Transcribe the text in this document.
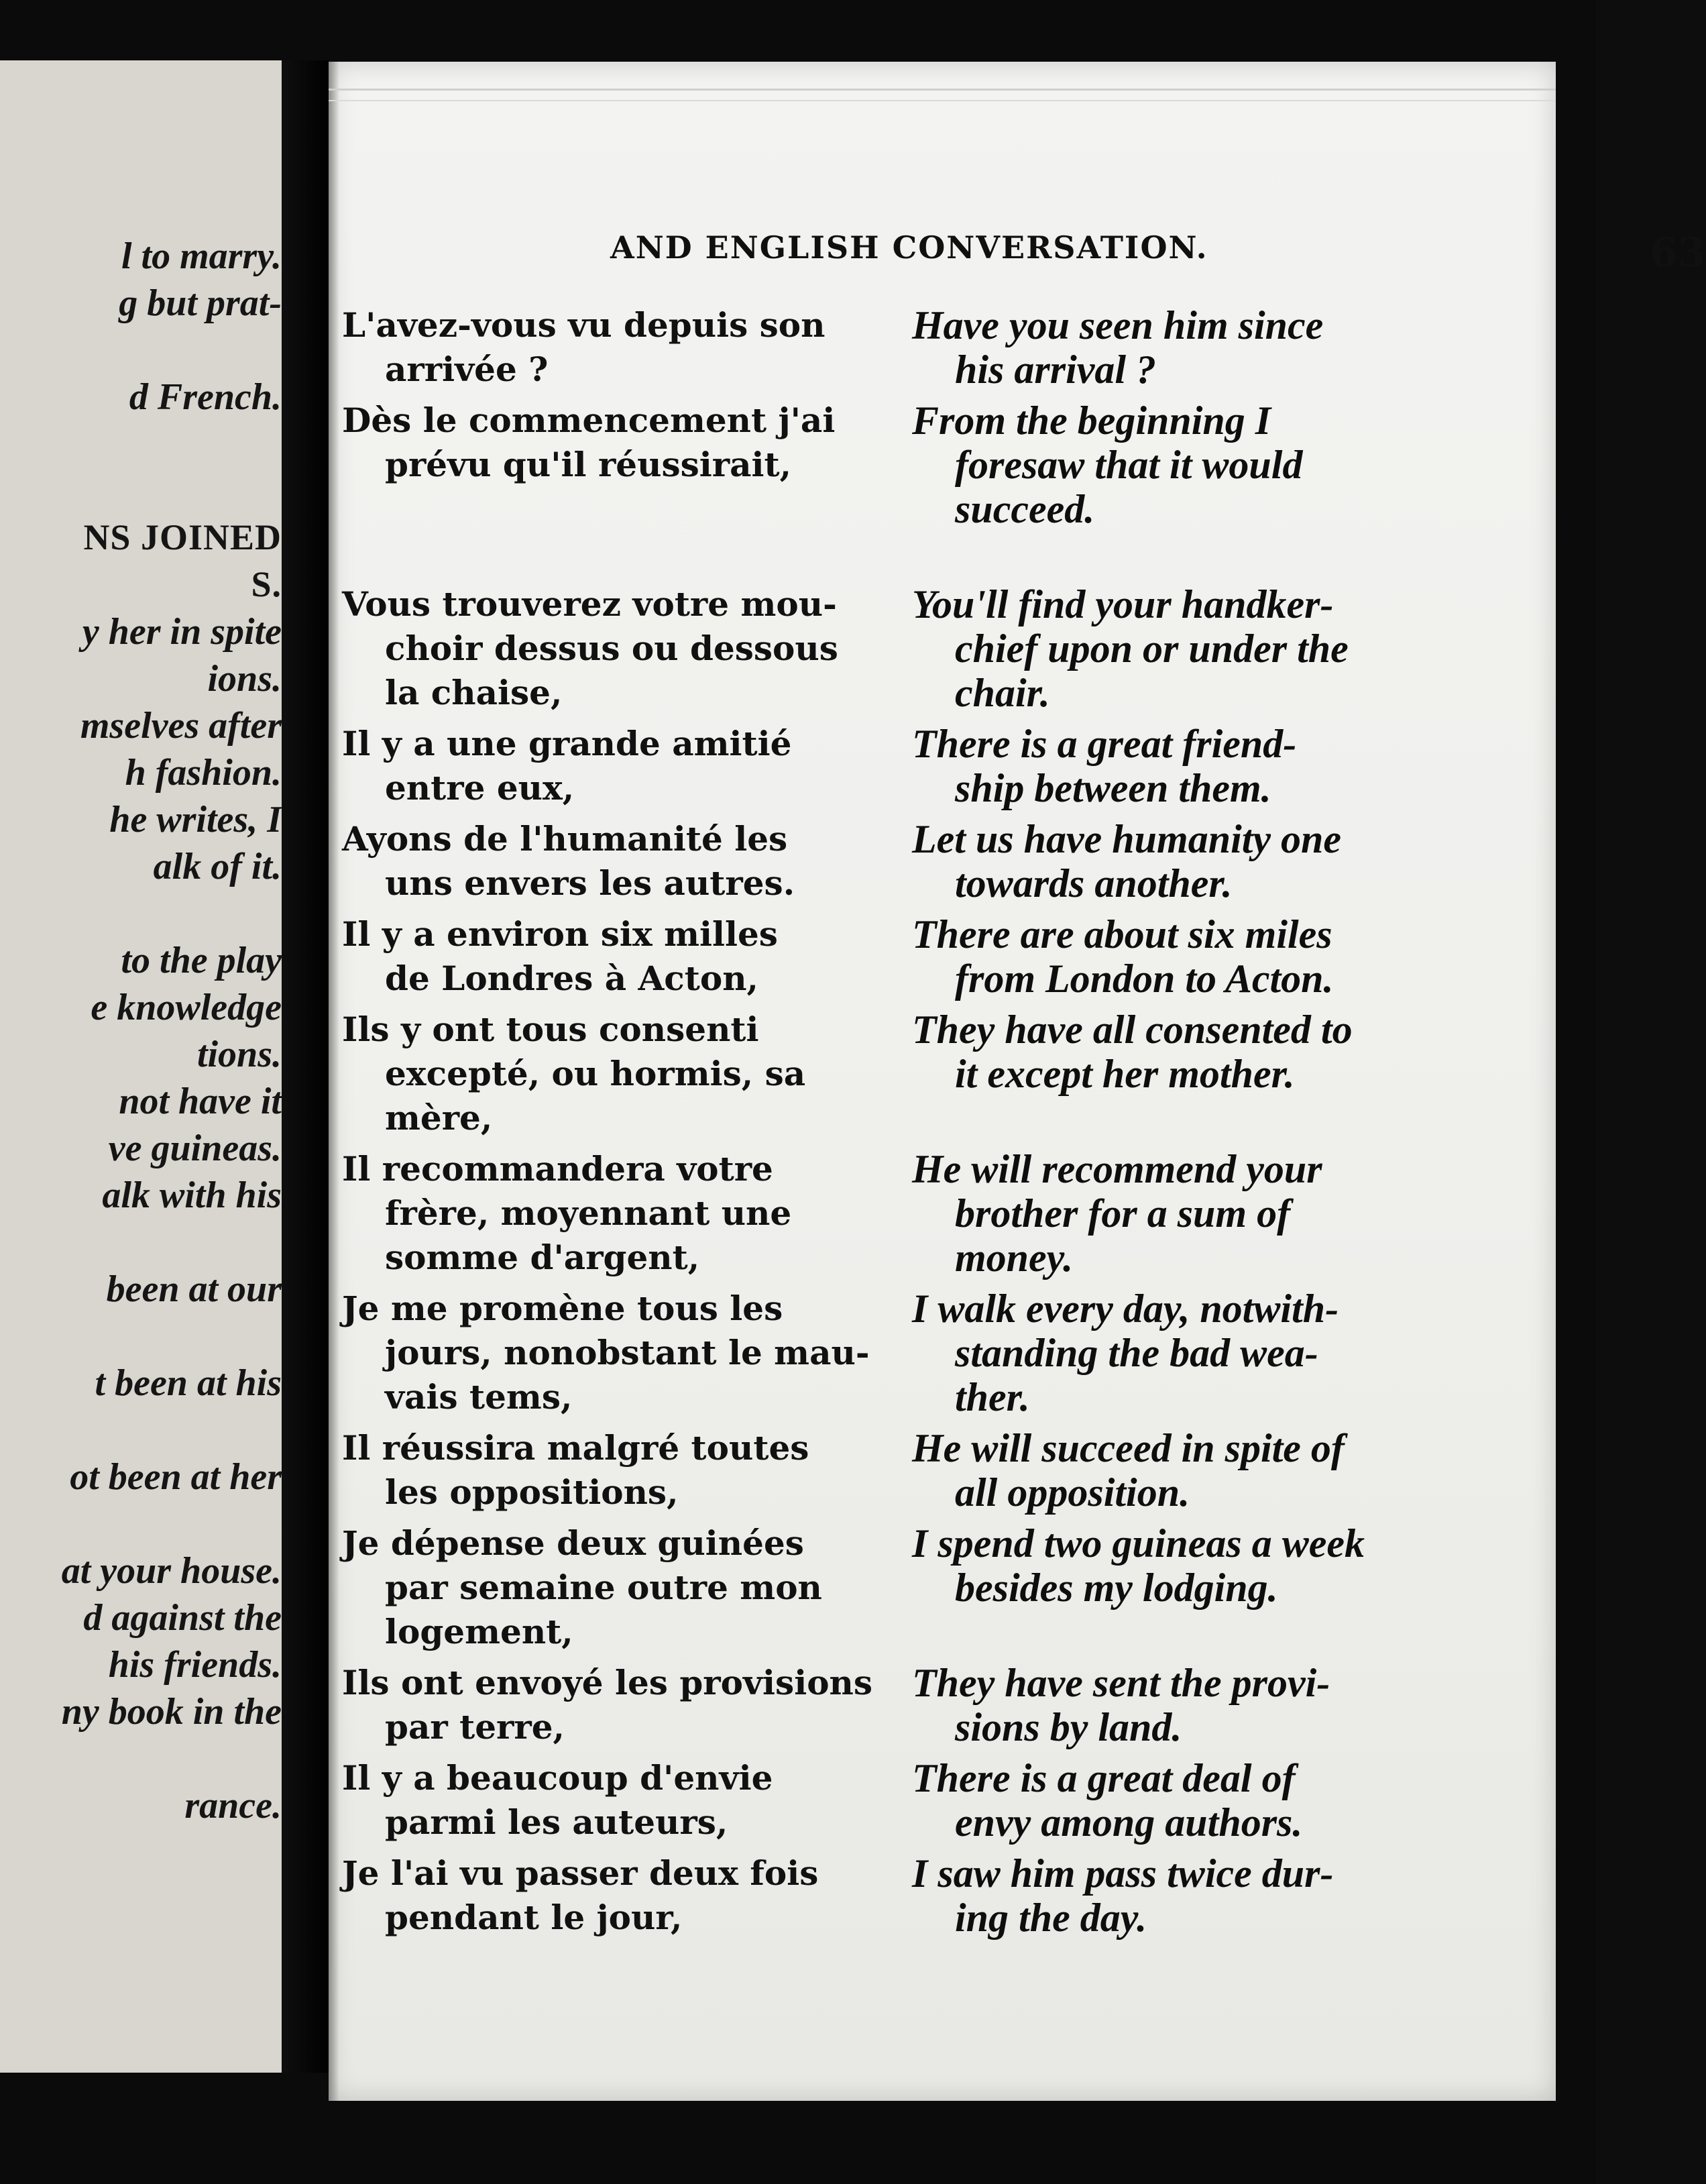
l to marry.
g but prat-
d French.
NS JOINED
S.
y her in spite
ions.
mselves after
h fashion.
he writes, I
alk of it.
to the play
e knowledge
tions.
not have it
ve guineas.
alk with his
been at our
t been at his
ot been at her
at your house.
d against the
his friends.
ny book in the
rance.
AND ENGLISH CONVERSATION.	63
L'avez-vous vu depuis son
arrivée ?
Have you seen him since
his arrival ?
Dès le commencement j'ai
prévu qu'il réussirait,
From the beginning I
foresaw that it would
succeed.
Vous trouverez votre mou-
choir dessus ou dessous
la chaise,
You'll find your handker-
chief upon or under the
chair.
Il y a une grande amitié
entre eux,
There is a great friend-
ship between them.
Ayons de l'humanité les
uns envers les autres.
Let us have humanity one
towards another.
Il y a environ six milles
de Londres à Acton,
There are about six miles
from London to Acton.
Ils y ont tous consenti
excepté, ou hormis, sa
mère,
They have all consented to
it except her mother.
Il recommandera votre
frère, moyennant une
somme d'argent,
He will recommend your
brother for a sum of
money.
Je me promène tous les
jours, nonobstant le mau-
vais tems,
I walk every day, notwith-
standing the bad wea-
ther.
Il réussira malgré toutes
les oppositions,
He will succeed in spite of
all opposition.
Je dépense deux guinées
par semaine outre mon
logement,
I spend two guineas a week
besides my lodging.
Ils ont envoyé les provisions
par terre,
They have sent the provi-
sions by land.
Il y a beaucoup d'envie
parmi les auteurs,
There is a great deal of
envy among authors.
Je l'ai vu passer deux fois
pendant le jour,
I saw him pass twice dur-
ing the day.
